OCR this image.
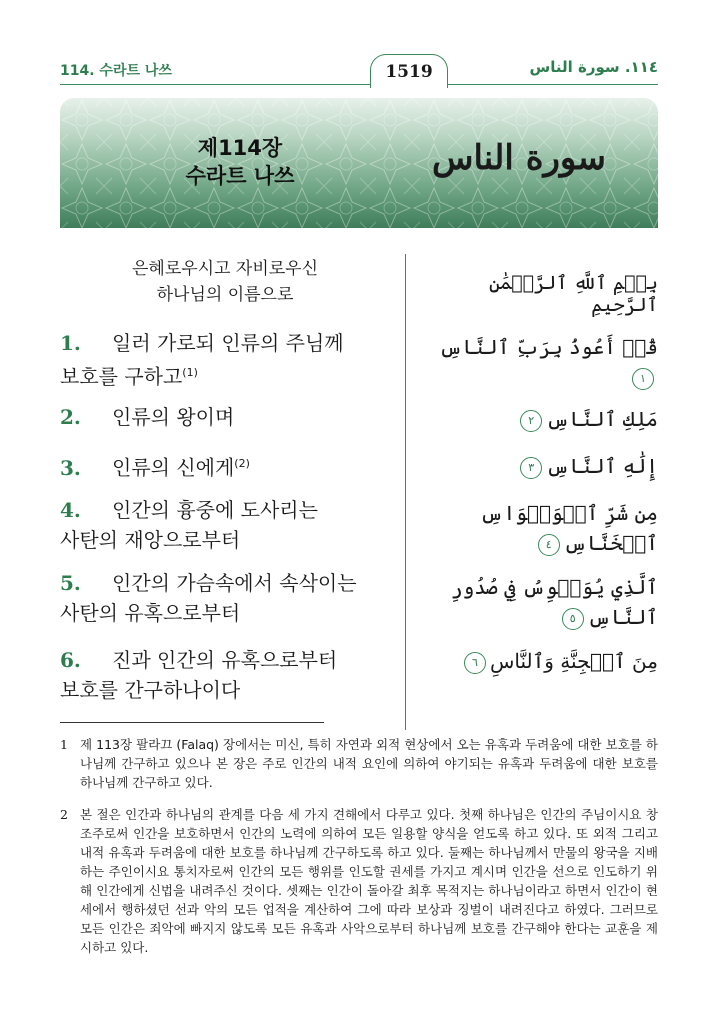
114. 수라트 나쓰	1519	١١٤. سورة الناس
제114장
수라트 나쓰	سورة الناس
은혜로우시고 자비로우신
하나님의 이름으로
بِسۡمِ ٱللَّهِ ٱلرَّحۡمَٰنِ ٱلرَّحِيمِ
1. 일러 가로되 인류의 주님께
보호를 구하고$^{(1)}$
قُلۡ أَعُوذُ بِرَبِّ ٱلنَّاسِ١
2. 인류의 왕이며	مَلِكِ ٱلنَّاسِ٢
3. 인류의 신에게$^{(2)}$	إِلَٰهِ ٱلنَّاسِ٣
4. 인간의 흉중에 도사리는
사탄의 재앙으로부터
مِن شَرِّ ٱلۡوَسۡوَاسِ ٱلۡخَنَّاسِ٤
5. 인간의 가슴속에서 속삭이는
사탄의 유혹으로부터
ٱلَّذِي يُوَسۡوِسُ فِي صُدُورِ ٱلنَّاسِ٥
6. 진과 인간의 유혹으로부터
보호를 간구하나이다
مِنَ ٱلۡجِنَّةِ وَٱلنَّاسِ٦
1 제 113장 팔라끄 (Falaq) 장에서는 미신, 특히 자연과 외적 현상에서 오는 유혹과 두려움에 대한 보호를 하나님께 간구하고 있으나 본 장은 주로 인간의 내적 요인에 의하여 야기되는 유혹과 두려움에 대한 보호를 하나님께 간구하고 있다.
2 본 절은 인간과 하나님의 관계를 다음 세 가지 견해에서 다루고 있다. 첫째 하나님은 인간의 주님이시요 창조주로써 인간을 보호하면서 인간의 노력에 의하여 모든 일용할 양식을 얻도록 하고 있다. 또 외적 그리고 내적 유혹과 두려움에 대한 보호를 하나님께 간구하도록 하고 있다. 둘째는 하나님께서 만물의 왕국을 지배하는 주인이시요 통치자로써 인간의 모든 행위를 인도할 권세를 가지고 계시며 인간을 선으로 인도하기 위해 인간에게 신법을 내려주신 것이다. 셋째는 인간이 돌아갈 최후 목적지는 하나님이라고 하면서 인간이 현세에서 행하셨던 선과 악의 모든 업적을 계산하여 그에 따라 보상과 징벌이 내려진다고 하였다. 그러므로 모든 인간은 죄악에 빠지지 않도록 모든 유혹과 사악으로부터 하나님께 보호를 간구해야 한다는 교훈을 제시하고 있다.
